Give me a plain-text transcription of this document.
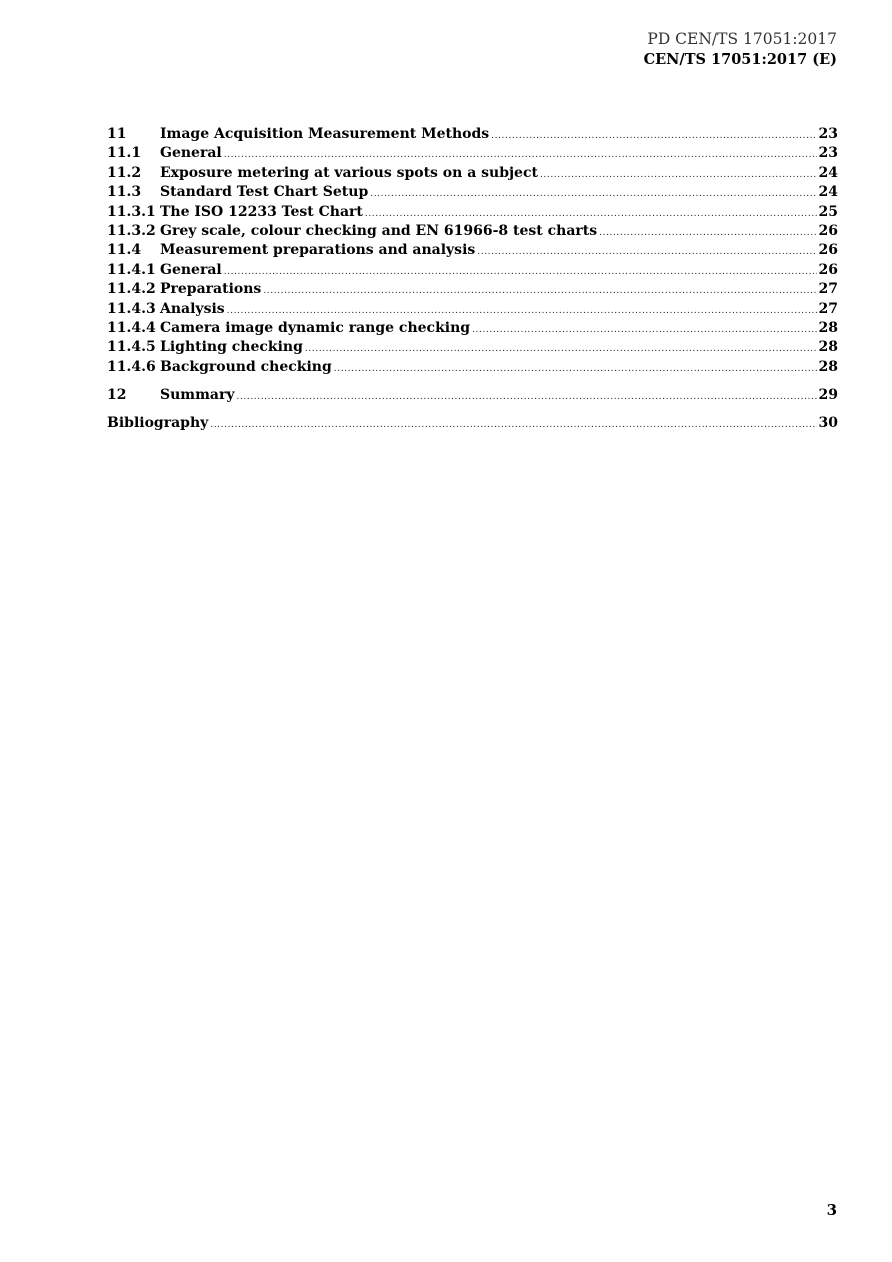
PD CEN/TS 17051:2017
CEN/TS 17051:2017 (E)
11	Image Acquisition Measurement Methods .....	23
11.1	General .....	23
11.2	Exposure metering at various spots on a subject .....	24
11.3	Standard Test Chart Setup .....	24
11.3.1 The ISO 12233 Test Chart .....	25
11.3.2 Grey scale, colour checking and EN 61966-8 test charts .....	26
11.4	Measurement preparations and analysis .....	26
11.4.1 General .....	26
11.4.2 Preparations .....	27
11.4.3 Analysis .....	27
11.4.4 Camera image dynamic range checking .....	28
11.4.5 Lighting checking .....	28
11.4.6 Background checking .....	28
12	Summary .....	29
Bibliography .....	30
3
